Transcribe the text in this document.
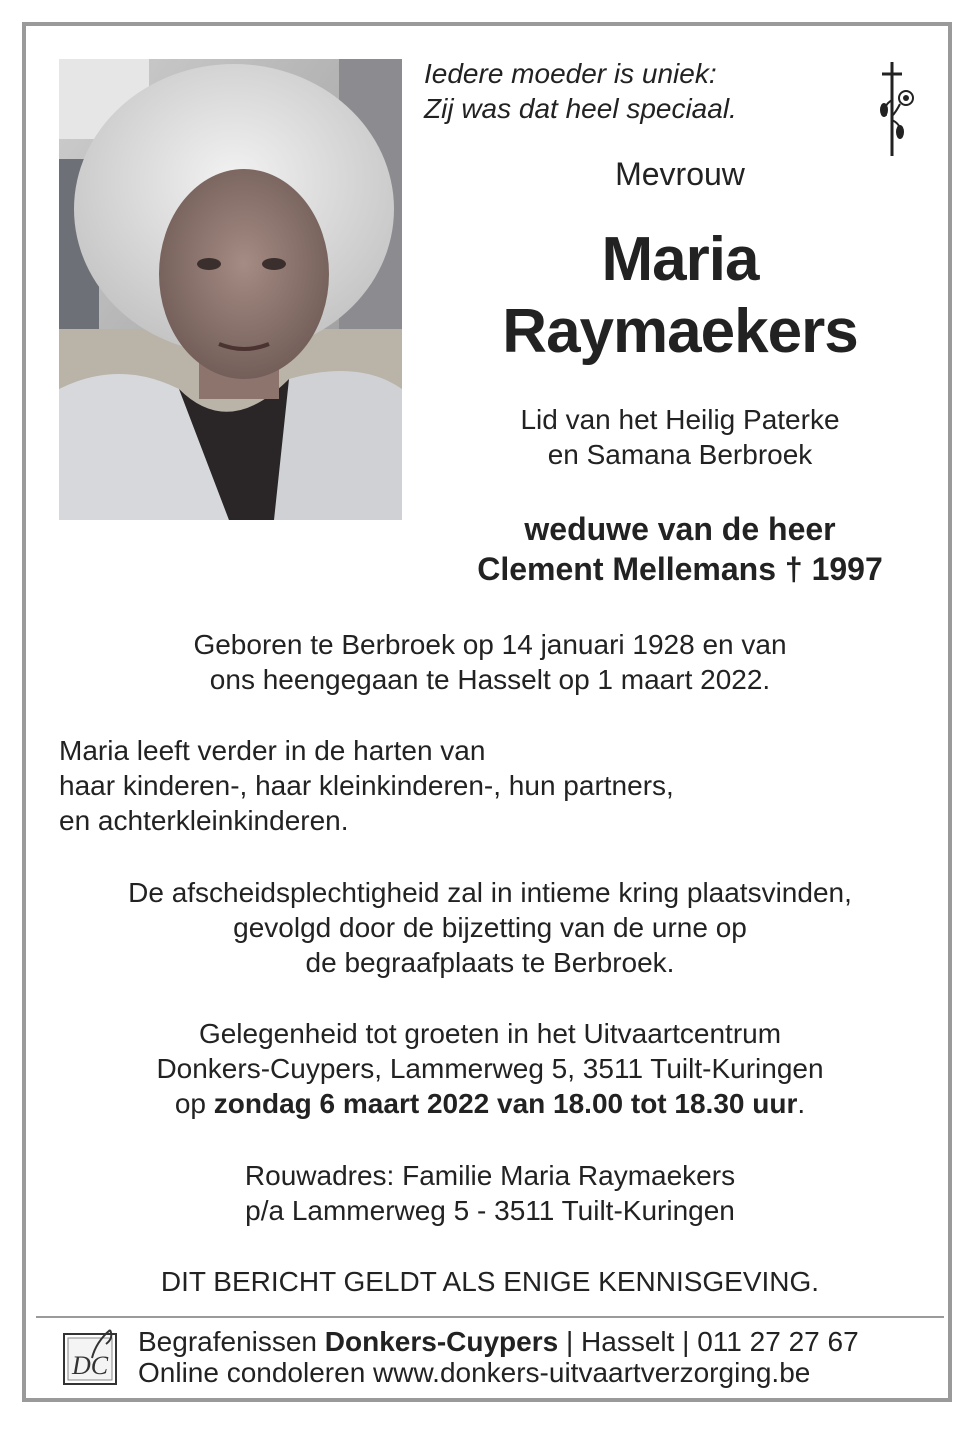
Iedere moeder is uniek:
Zij was dat heel speciaal.
Mevrouw
Maria
Raymaekers
Lid van het Heilig Paterke
en Samana Berbroek
weduwe van de heer
Clement Mellemans † 1997
Geboren te Berbroek op 14 januari 1928 en van
ons heengegaan te Hasselt op 1 maart 2022.
Maria leeft verder in de harten van
haar kinderen-, haar kleinkinderen-, hun partners,
en achterkleinkinderen.
De afscheidsplechtigheid zal in intieme kring plaatsvinden,
gevolgd door de bijzetting van de urne op
de begraafplaats te Berbroek.
Gelegenheid tot groeten in het Uitvaartcentrum
Donkers-Cuypers, Lammerweg 5, 3511 Tuilt-Kuringen
op zondag 6 maart 2022 van 18.00 tot 18.30 uur.
Rouwadres: Familie Maria Raymaekers
p/a Lammerweg 5 - 3511 Tuilt-Kuringen
DIT BERICHT GELDT ALS ENIGE KENNISGEVING.
DC
Begrafenissen Donkers-Cuypers | Hasselt | 011 27 27 67
Online condoleren www.donkers-uitvaartverzorging.be
